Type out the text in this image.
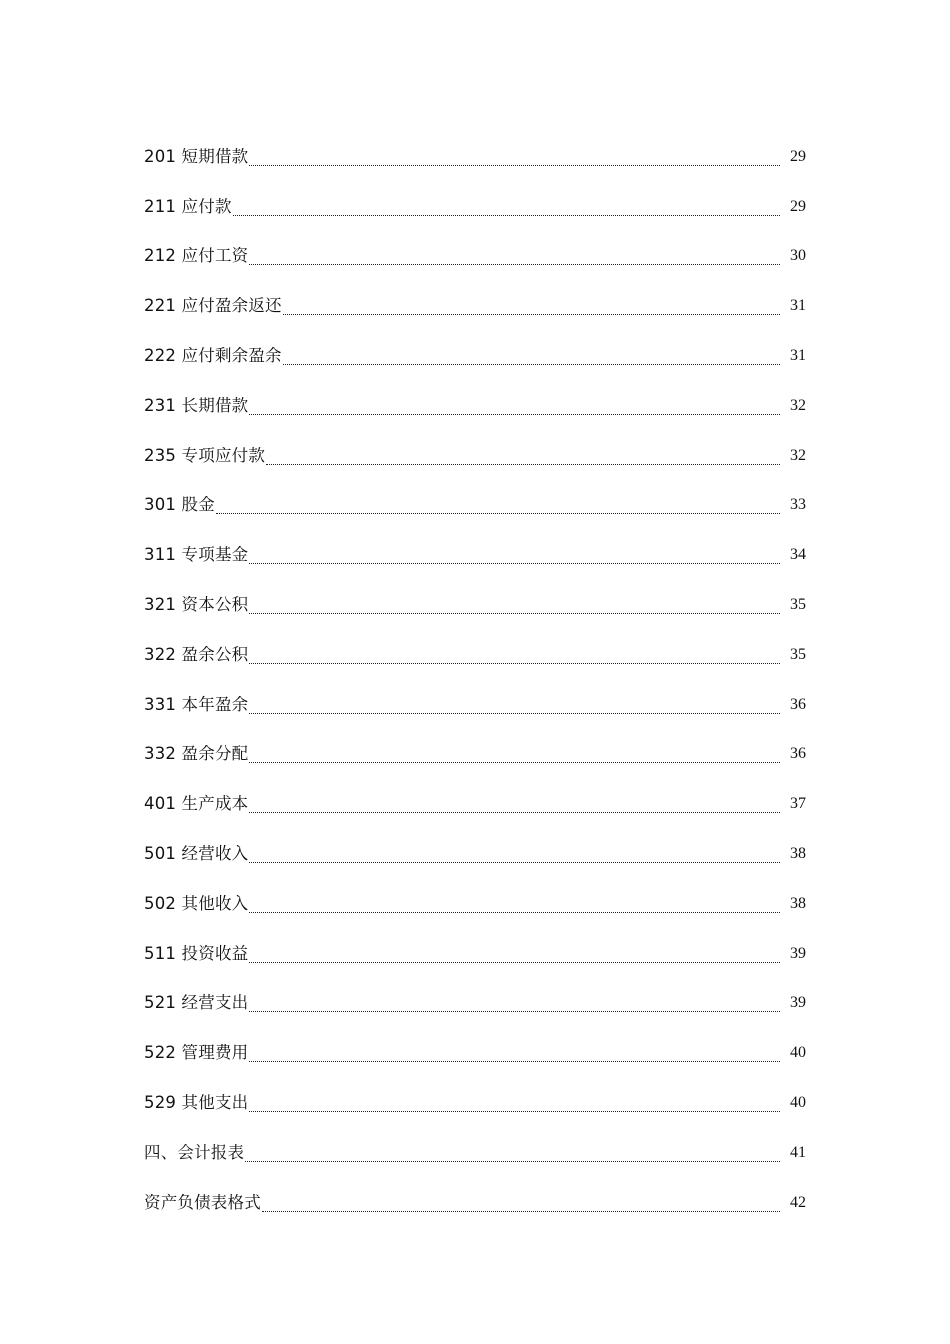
201 短期借款	29
211 应付款	29
212 应付工资	30
221 应付盈余返还	31
222 应付剩余盈余	31
231 长期借款	32
235 专项应付款	32
301 股金	33
311 专项基金	34
321 资本公积	35
322 盈余公积	35
331 本年盈余	36
332 盈余分配	36
401 生产成本	37
501 经营收入	38
502 其他收入	38
511 投资收益	39
521 经营支出	39
522 管理费用	40
529 其他支出	40
四、会计报表	41
资产负债表格式	42
